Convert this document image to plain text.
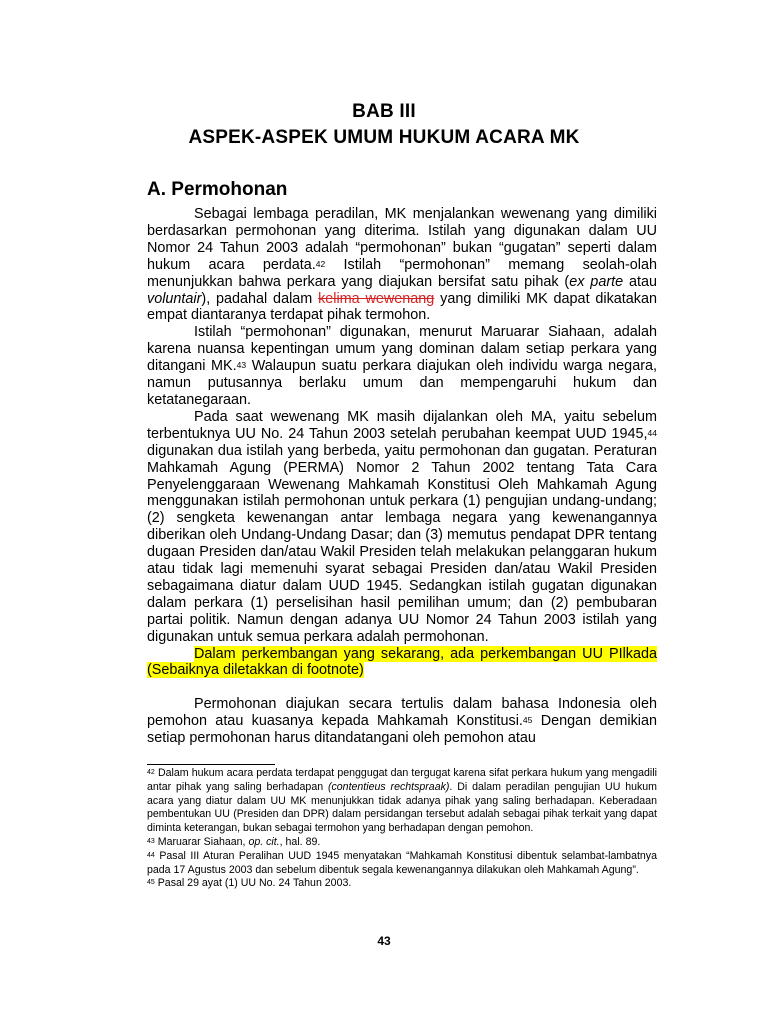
BAB III
ASPEK-ASPEK UMUM HUKUM ACARA MK
A. Permohonan

Sebagai lembaga peradilan, MK menjalankan wewenang yang dimiliki berdasarkan permohonan yang diterima. Istilah yang digunakan dalam UU Nomor 24 Tahun 2003 adalah “permohonan” bukan “gugatan” seperti dalam hukum acara perdata.$^{42}$ Istilah “permohonan” memang seolah-olah menunjukkan bahwa perkara yang diajukan bersifat satu pihak (ex parte atau voluntair), padahal dalam kelima wewenang yang dimiliki MK dapat dikatakan empat diantaranya terdapat pihak termohon.

Istilah “permohonan” digunakan, menurut Maruarar Siahaan, adalah karena nuansa kepentingan umum yang dominan dalam setiap perkara yang ditangani MK.$^{43}$ Walaupun suatu perkara diajukan oleh individu warga negara, namun putusannya berlaku umum dan mempengaruhi hukum dan ketatanegaraan.

Pada saat wewenang MK masih dijalankan oleh MA, yaitu sebelum terbentuknya UU No. 24 Tahun 2003 setelah perubahan keempat UUD 1945,44 digunakan dua istilah yang berbeda, yaitu permohonan dan gugatan. Peraturan Mahkamah Agung (PERMA) Nomor 2 Tahun 2002 tentang Tata Cara Penyelenggaraan Wewenang Mahkamah Konstitusi Oleh Mahkamah Agung menggunakan istilah permohonan untuk perkara (1) pengujian undang-undang; (2) sengketa kewenangan antar lembaga negara yang kewenangannya diberikan oleh Undang-Undang Dasar; dan (3) memutus pendapat DPR tentang dugaan Presiden dan/atau Wakil Presiden telah melakukan pelanggaran hukum atau tidak lagi memenuhi syarat sebagai Presiden dan/atau Wakil Presiden sebagaimana diatur dalam UUD 1945. Sedangkan istilah gugatan digunakan dalam perkara (1) perselisihan hasil pemilihan umum; dan (2) pembubaran partai politik. Namun dengan adanya UU Nomor 24 Tahun 2003 istilah yang digunakan untuk semua perkara adalah permohonan.

Dalam perkembangan yang sekarang, ada perkembangan UU PIlkada (Sebaiknya diletakkan di footnote)

Permohonan diajukan secara tertulis dalam bahasa Indonesia oleh pemohon atau kuasanya kepada Mahkamah Konstitusi.$^{45}$ Dengan demikian setiap permohonan harus ditandatangani oleh pemohon atau

$^{42}$ Dalam hukum acara perdata terdapat penggugat dan tergugat karena sifat perkara hukum yang mengadili antar pihak yang saling berhadapan (contentieus rechtspraak). Di dalam peradilan pengujian UU hukum acara yang diatur dalam UU MK menunjukkan tidak adanya pihak yang saling berhadapan. Keberadaan pembentukan UU (Presiden dan DPR) dalam persidangan tersebut adalah sebagai pihak terkait yang dapat diminta keterangan, bukan sebagai termohon yang berhadapan dengan pemohon.

$^{43}$ Maruarar Siahaan, op. cit., hal. 89.

$^{44}$ Pasal III Aturan Peralihan UUD 1945 menyatakan “Mahkamah Konstitusi dibentuk selambat-lambatnya pada 17 Agustus 2003 dan sebelum dibentuk segala kewenangannya dilakukan oleh Mahkamah Agung”.

$^{45}$ Pasal 29 ayat (1) UU No. 24 Tahun 2003.

43
